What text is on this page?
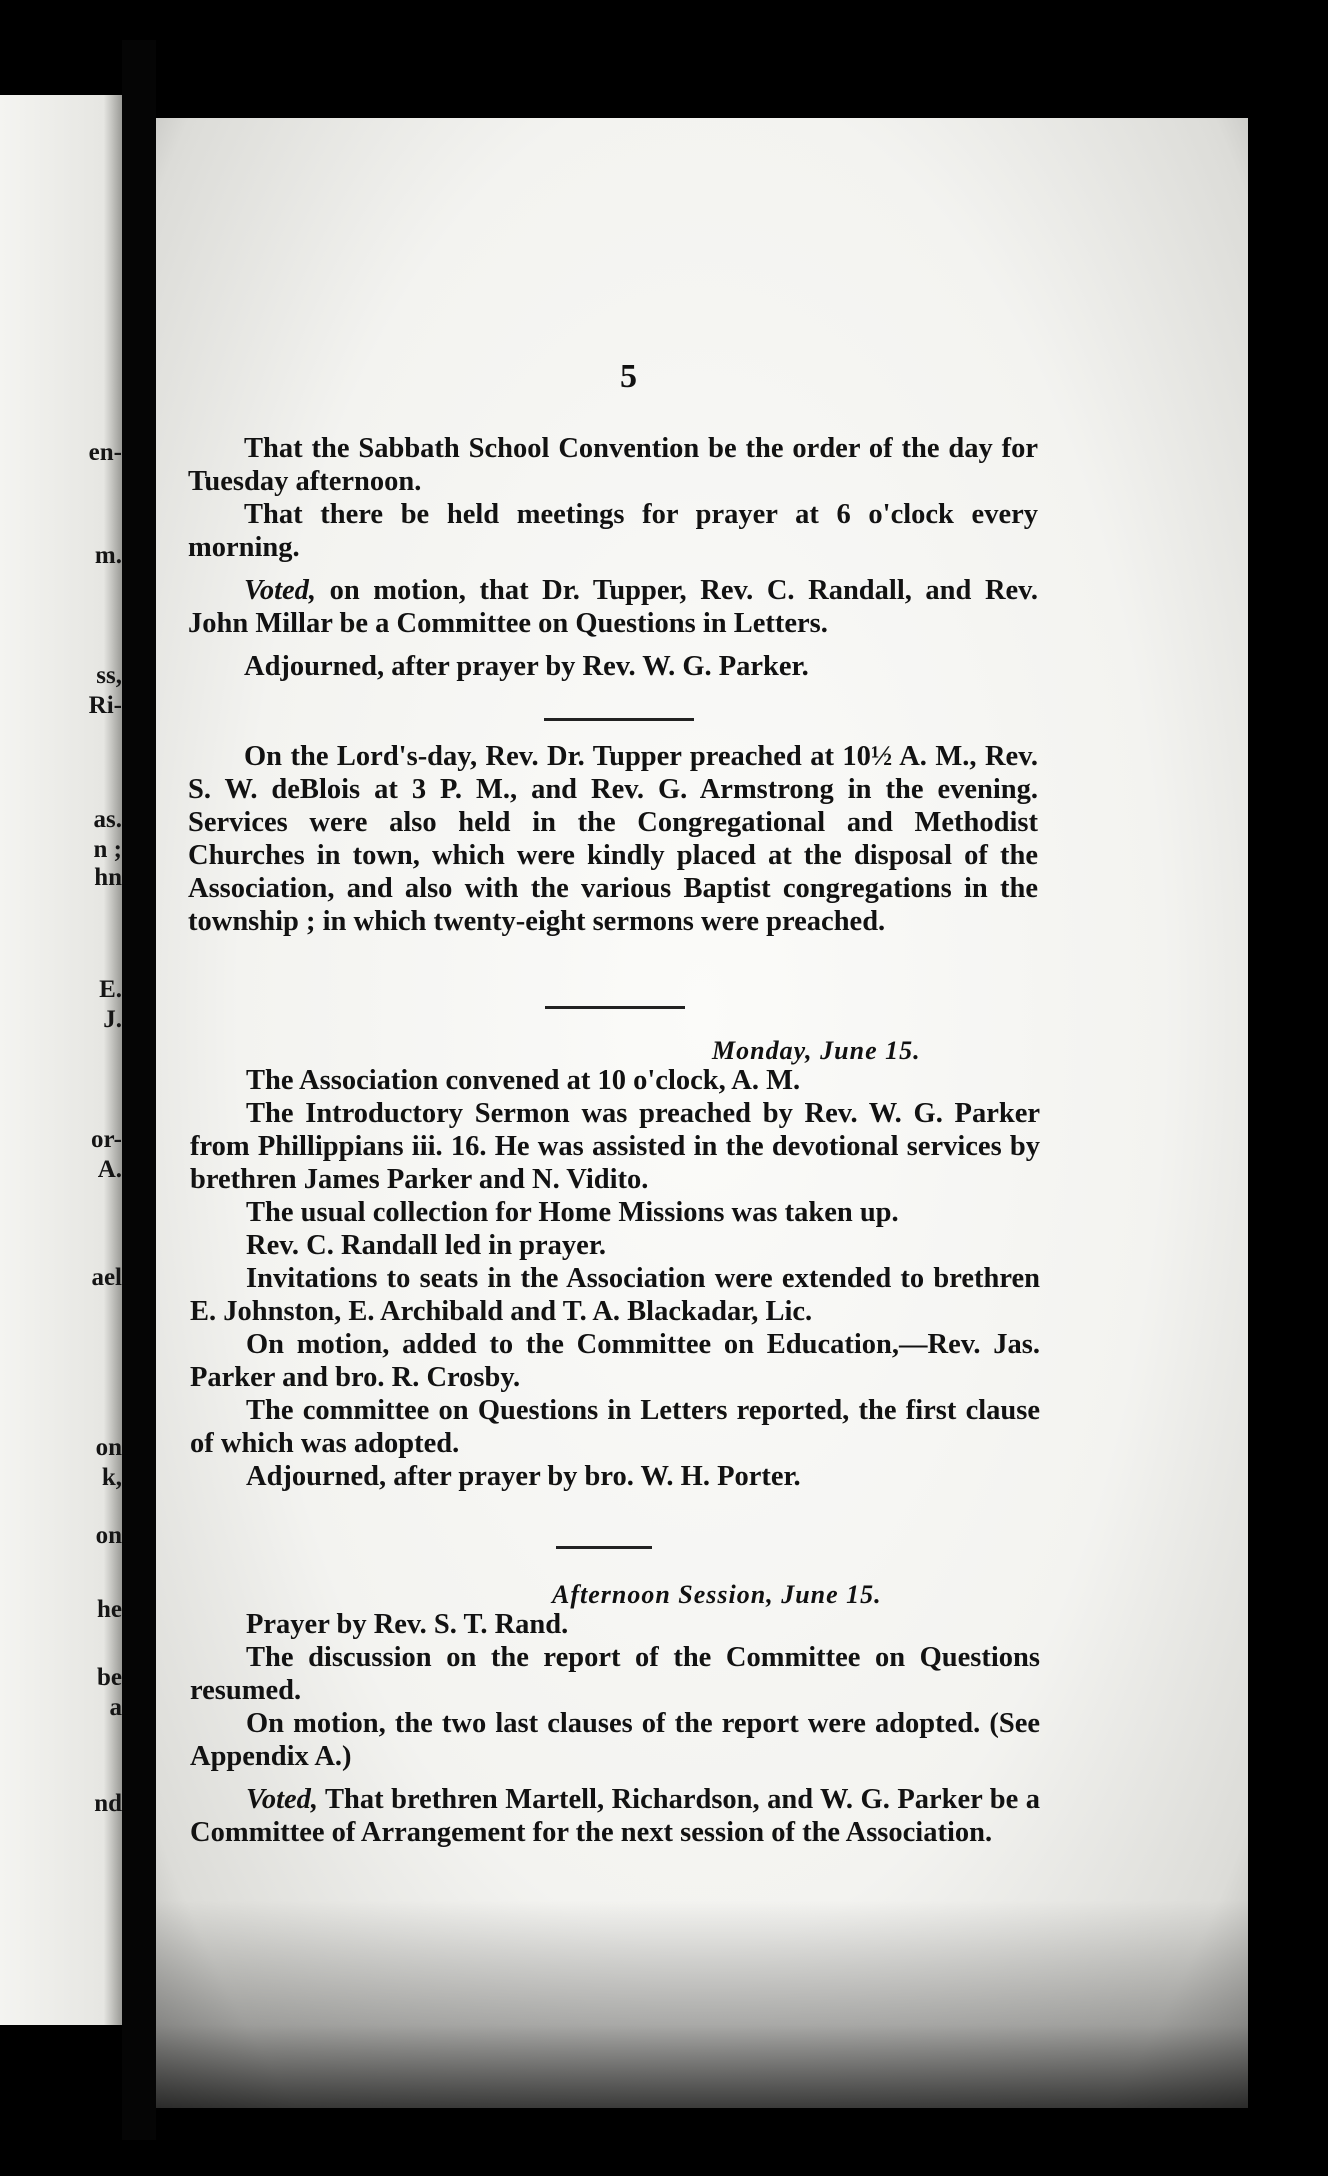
en-
m.
ss,
Ri-
as.
n ;
hn
E.
J.
or-
A.
ael
on
k,
on
he
be
a
nd
5

That the Sabbath School Convention be the order of the day for Tuesday afternoon.

That there be held meetings for prayer at 6 o'clock every morning.

Voted, on motion, that Dr. Tupper, Rev. C. Randall, and Rev. John Millar be a Committee on Questions in Letters.

Adjourned, after prayer by Rev. W. G. Parker.

On the Lord's-day, Rev. Dr. Tupper preached at 10½ A. M., Rev. S. W. deBlois at 3 P. M., and Rev. G. Armstrong in the evening. Services were also held in the Congregational and Methodist Churches in town, which were kindly placed at the disposal of the Association, and also with the various Baptist congregations in the township ; in which twenty-eight sermons were preached.

Monday, June 15.

The Association convened at 10 o'clock, A. M.

The Introductory Sermon was preached by Rev. W. G. Parker from Phillippians iii. 16. He was assisted in the devotional services by brethren James Parker and N. Vidito.

The usual collection for Home Missions was taken up.

Rev. C. Randall led in prayer.

Invitations to seats in the Association were extended to brethren E. Johnston, E. Archibald and T. A. Blackadar, Lic.

On motion, added to the Committee on Education,—Rev. Jas. Parker and bro. R. Crosby.

The committee on Questions in Letters reported, the first clause of which was adopted.

Adjourned, after prayer by bro. W. H. Porter.

Afternoon Session, June 15.

Prayer by Rev. S. T. Rand.

The discussion on the report of the Committee on Questions resumed.

On motion, the two last clauses of the report were adopted. (See Appendix A.)

Voted, That brethren Martell, Richardson, and W. G. Parker be a Committee of Arrangement for the next session of the Association.
